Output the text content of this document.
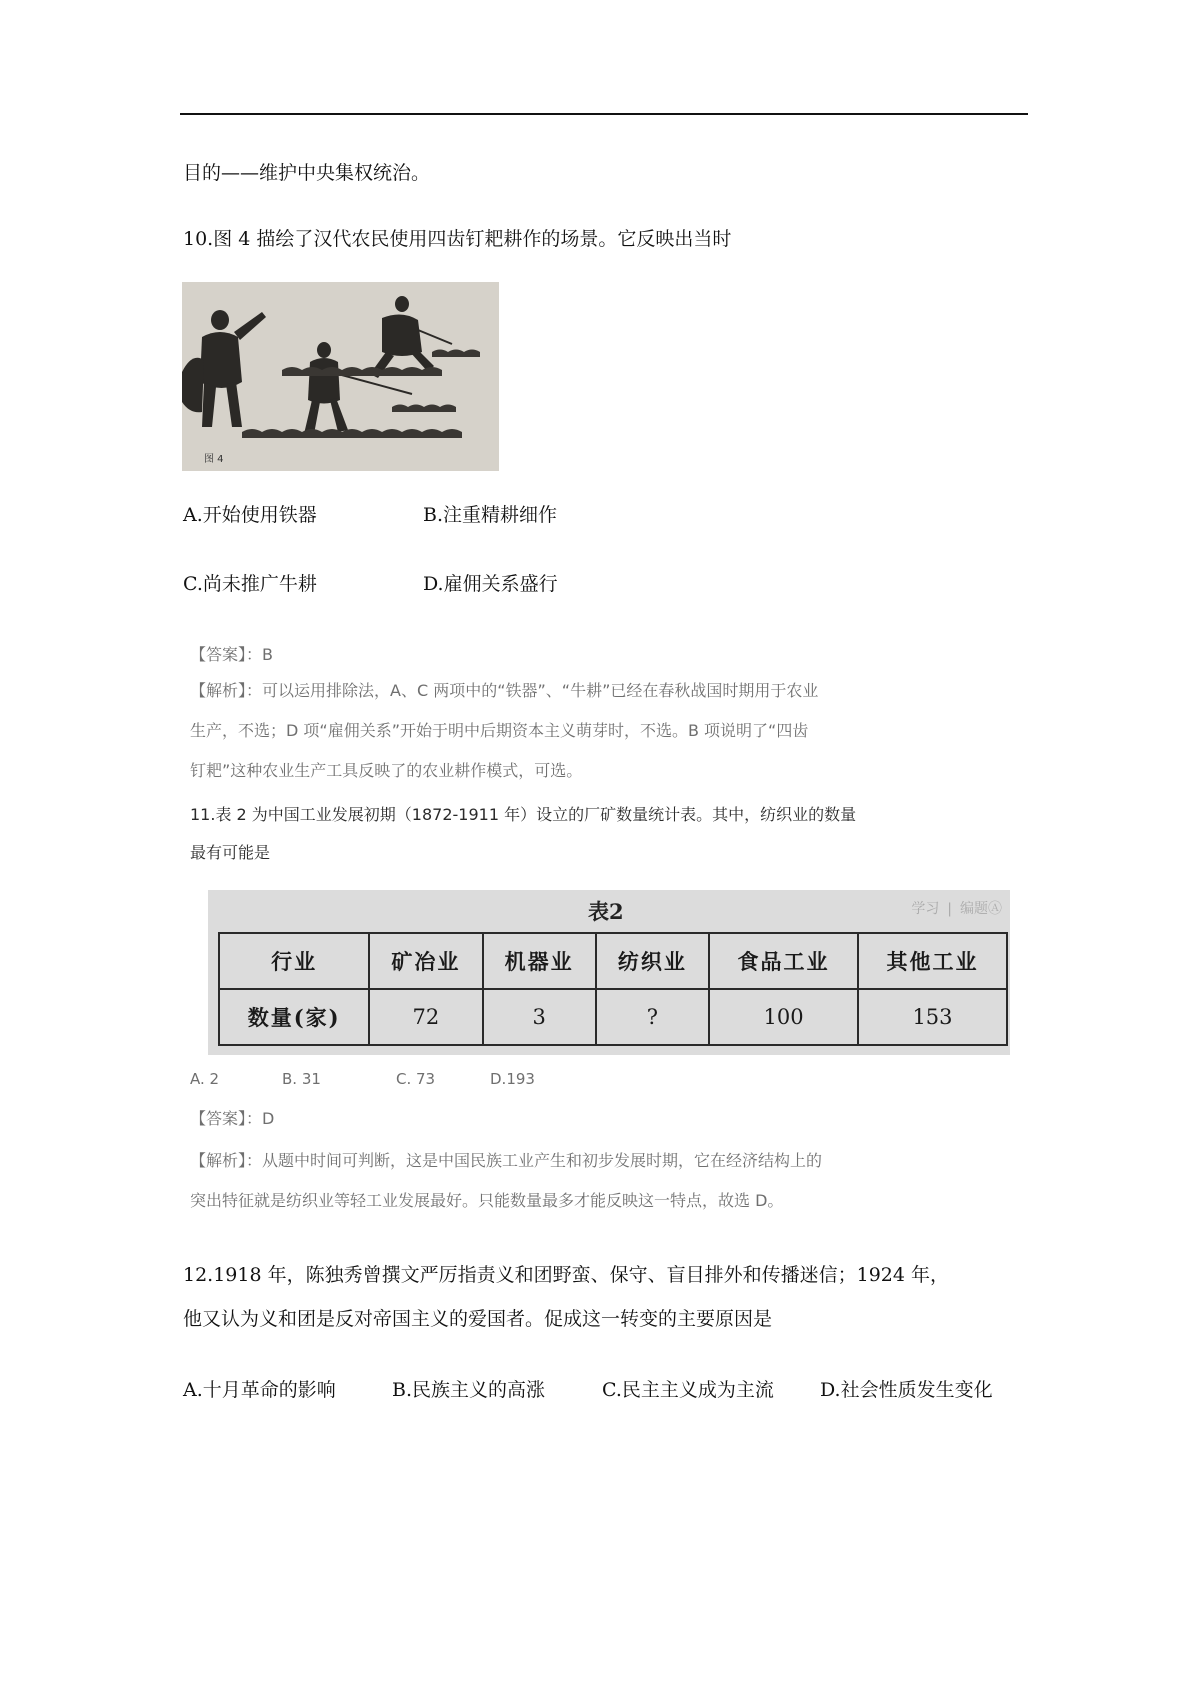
目的——维护中央集权统治。
10.图 4 描绘了汉代农民使用四齿钉耙耕作的场景。它反映出当时
图 4
A.开始使用铁器	B.注重精耕细作
C.尚未推广牛耕	D.雇佣关系盛行
【答案】：B
【解析】：可以运用排除法，A、C 两项中的“铁器”、“牛耕”已经在春秋战国时期用于农业
生产，不选；D 项“雇佣关系”开始于明中后期资本主义萌芽时，不选。B 项说明了“四齿
钉耙”这种农业生产工具反映了的农业耕作模式，可选。
11.表 2 为中国工业发展初期（1872-1911 年）设立的厂矿数量统计表。其中，纺织业的数量
最有可能是
表2	学习 ❘ 编题Ⓐ
行业	矿冶业	机器业	纺织业	食品工业	其他工业
数量(家)	72	3	?	100	153
A. 2	B. 31	C. 73	D.193
【答案】：D
【解析】：从题中时间可判断，这是中国民族工业产生和初步发展时期，它在经济结构上的
突出特征就是纺织业等轻工业发展最好。只能数量最多才能反映这一特点，故选 D。
12.1918 年，陈独秀曾撰文严厉指责义和团野蛮、保守、盲目排外和传播迷信；1924 年，
他又认为义和团是反对帝国主义的爱国者。促成这一转变的主要原因是
A.十月革命的影响	B.民族主义的高涨	C.民主主义成为主流 D.社会性质发生变化
